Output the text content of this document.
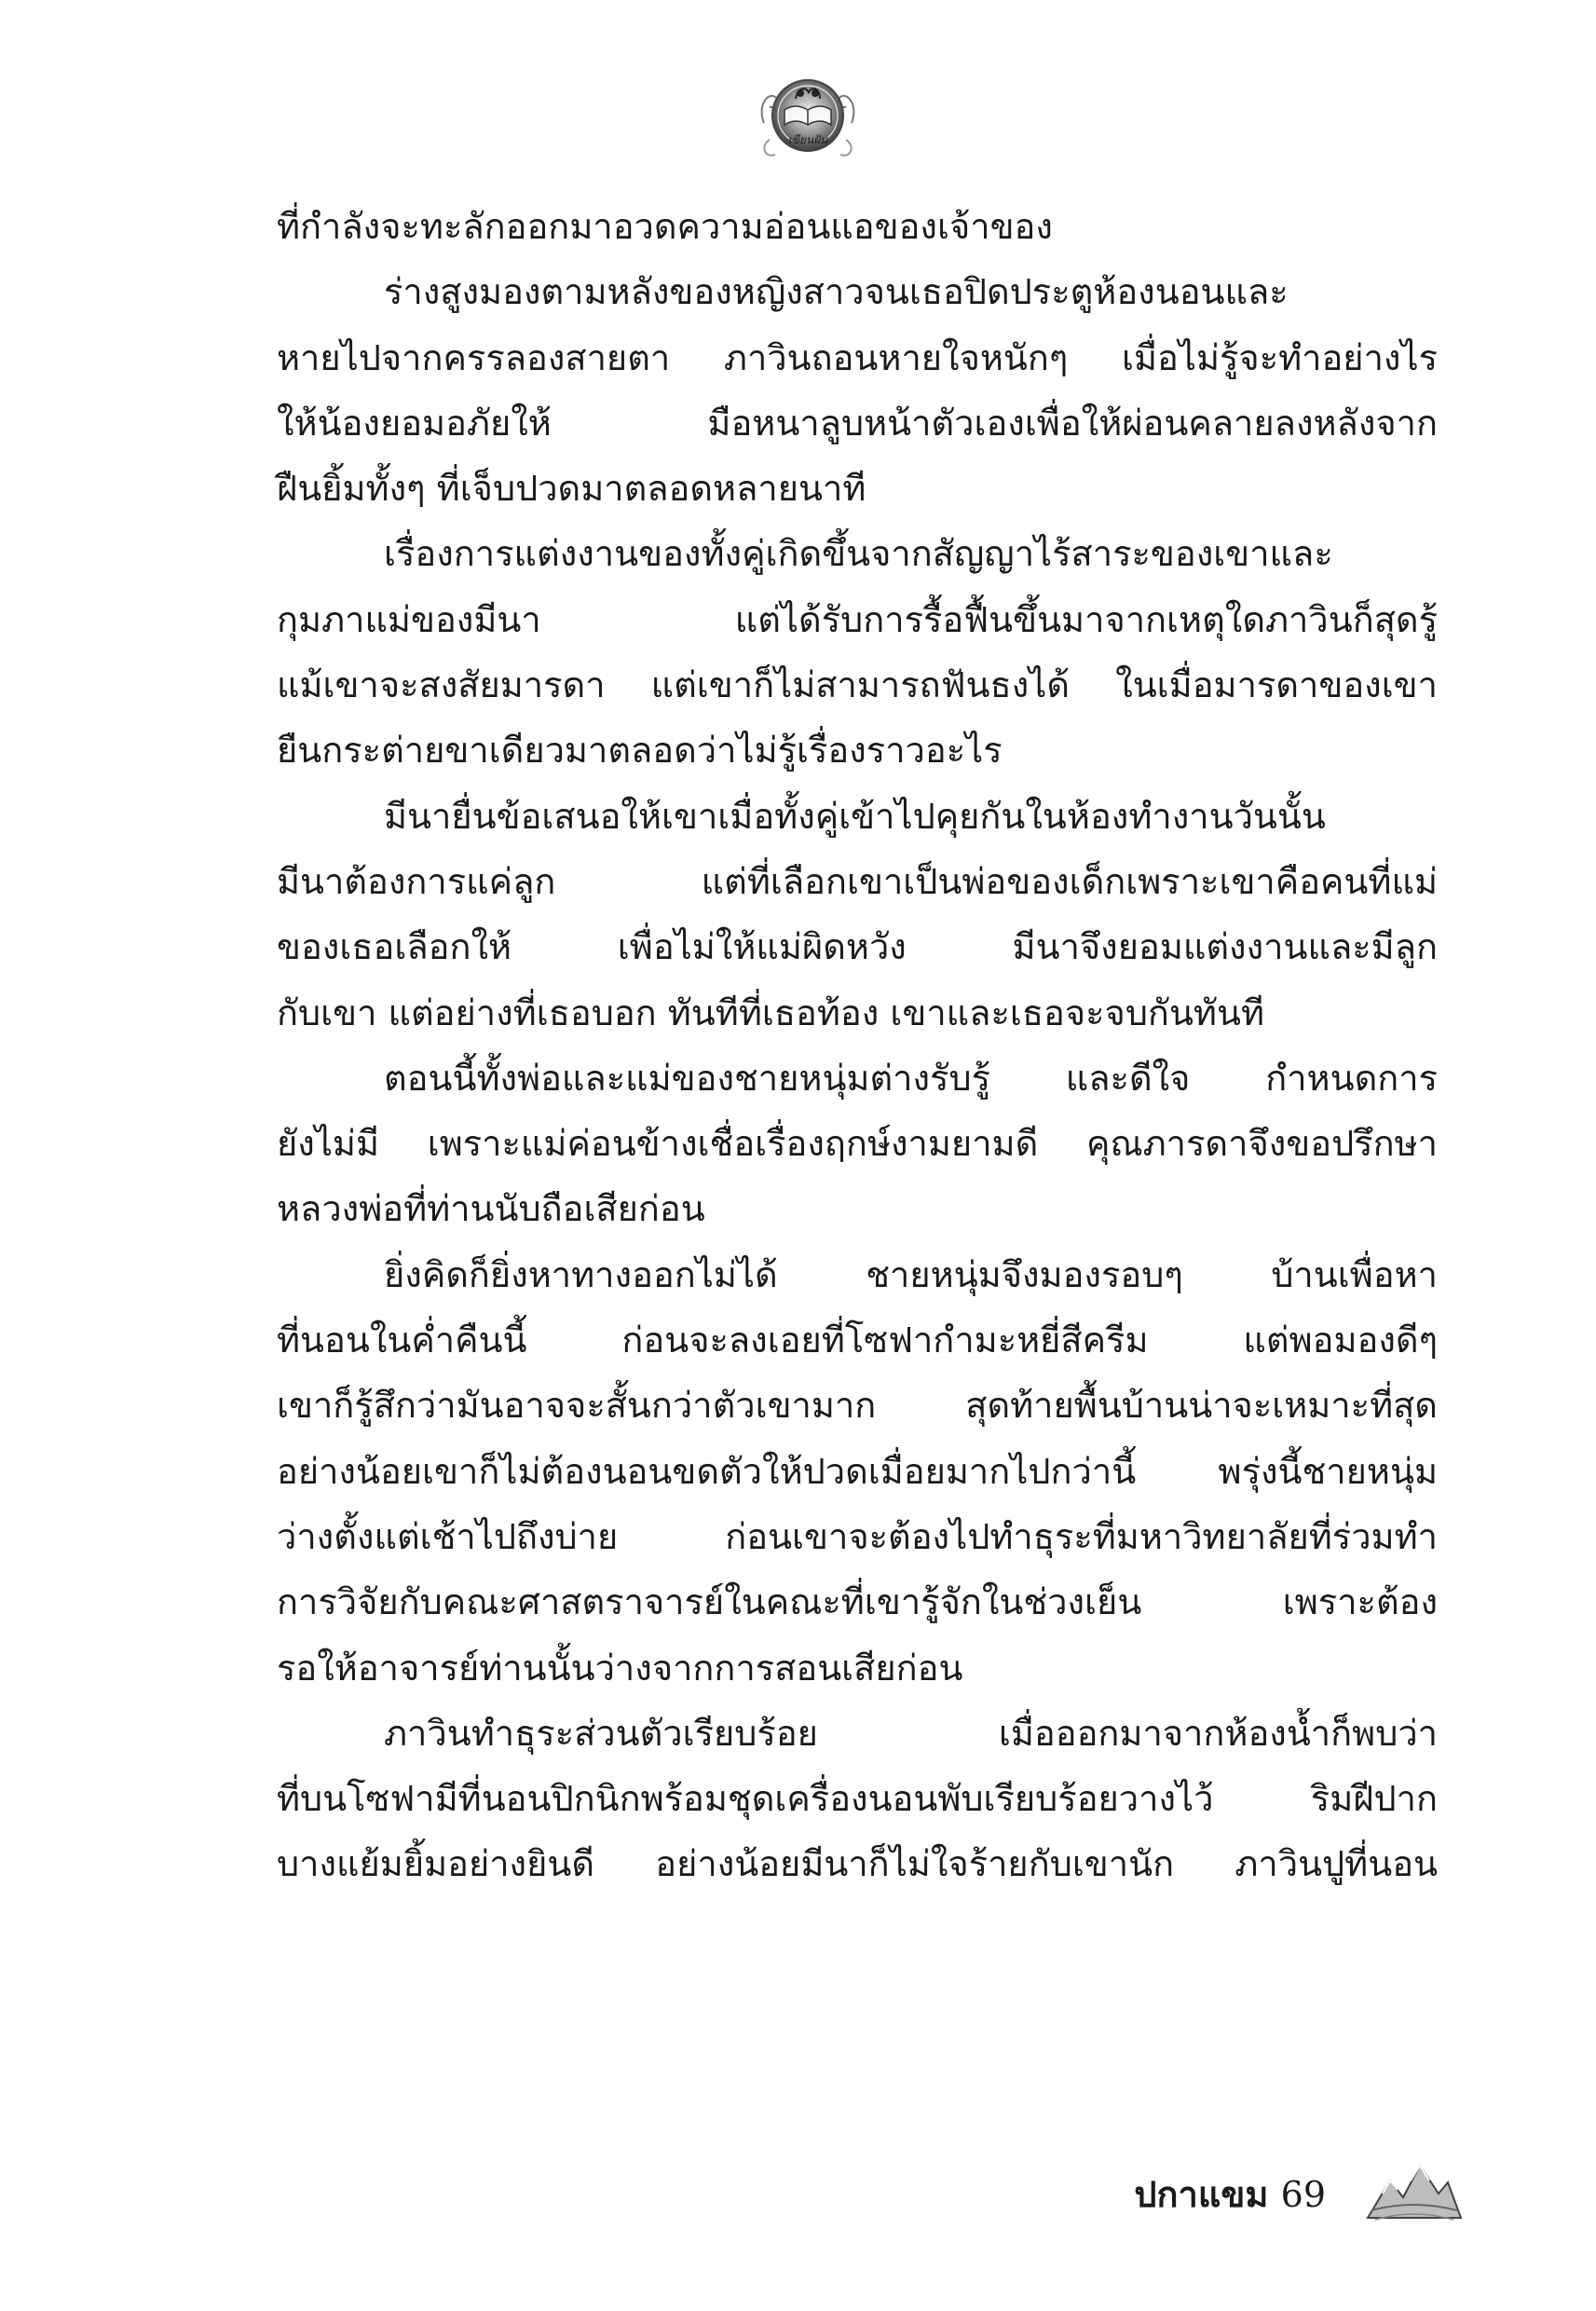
เขียนฝัน
ที่กำลังจะทะลักออกมาอวดความอ่อนแอของเจ้าของ
ร่างสูงมองตามหลังของหญิงสาวจนเธอปิดประตูห้องนอนและ
หายไปจากครรลองสายตา ภาวินถอนหายใจหนักๆ เมื่อไม่รู้จะทำอย่างไร
ให้น้องยอมอภัยให้ มือหนาลูบหน้าตัวเองเพื่อให้ผ่อนคลายลงหลังจาก
ฝืนยิ้มทั้งๆ ที่เจ็บปวดมาตลอดหลายนาที
เรื่องการแต่งงานของทั้งคู่เกิดขึ้นจากสัญญาไร้สาระของเขาและ
กุมภาแม่ของมีนา แต่ได้รับการรื้อฟื้นขึ้นมาจากเหตุใดภาวินก็สุดรู้
แม้เขาจะสงสัยมารดา แต่เขาก็ไม่สามารถฟันธงได้ ในเมื่อมารดาของเขา
ยืนกระต่ายขาเดียวมาตลอดว่าไม่รู้เรื่องราวอะไร
มีนายื่นข้อเสนอให้เขาเมื่อทั้งคู่เข้าไปคุยกันในห้องทำงานวันนั้น
มีนาต้องการแค่ลูก แต่ที่เลือกเขาเป็นพ่อของเด็กเพราะเขาคือคนที่แม่
ของเธอเลือกให้ เพื่อไม่ให้แม่ผิดหวัง มีนาจึงยอมแต่งงานและมีลูก
กับเขา แต่อย่างที่เธอบอก ทันทีที่เธอท้อง เขาและเธอจะจบกันทันที
ตอนนี้ทั้งพ่อและแม่ของชายหนุ่มต่างรับรู้ และดีใจ กำหนดการ
ยังไม่มี เพราะแม่ค่อนข้างเชื่อเรื่องฤกษ์งามยามดี คุณภารดาจึงขอปรึกษา
หลวงพ่อที่ท่านนับถือเสียก่อน
ยิ่งคิดก็ยิ่งหาทางออกไม่ได้ ชายหนุ่มจึงมองรอบๆ บ้านเพื่อหา
ที่นอนในค่ำคืนนี้ ก่อนจะลงเอยที่โซฟากำมะหยี่สีครีม แต่พอมองดีๆ
เขาก็รู้สึกว่ามันอาจจะสั้นกว่าตัวเขามาก สุดท้ายพื้นบ้านน่าจะเหมาะที่สุด
อย่างน้อยเขาก็ไม่ต้องนอนขดตัวให้ปวดเมื่อยมากไปกว่านี้ พรุ่งนี้ชายหนุ่ม
ว่างตั้งแต่เช้าไปถึงบ่าย ก่อนเขาจะต้องไปทำธุระที่มหาวิทยาลัยที่ร่วมทำ
การวิจัยกับคณะศาสตราจารย์ในคณะที่เขารู้จักในช่วงเย็น เพราะต้อง
รอให้อาจารย์ท่านนั้นว่างจากการสอนเสียก่อน
ภาวินทำธุระส่วนตัวเรียบร้อย เมื่อออกมาจากห้องน้ำก็พบว่า
ที่บนโซฟามีที่นอนปิกนิกพร้อมชุดเครื่องนอนพับเรียบร้อยวางไว้ ริมฝีปาก
บางแย้มยิ้มอย่างยินดี อย่างน้อยมีนาก็ไม่ใจร้ายกับเขานัก ภาวินปูที่นอน
ปกาแขม 69
